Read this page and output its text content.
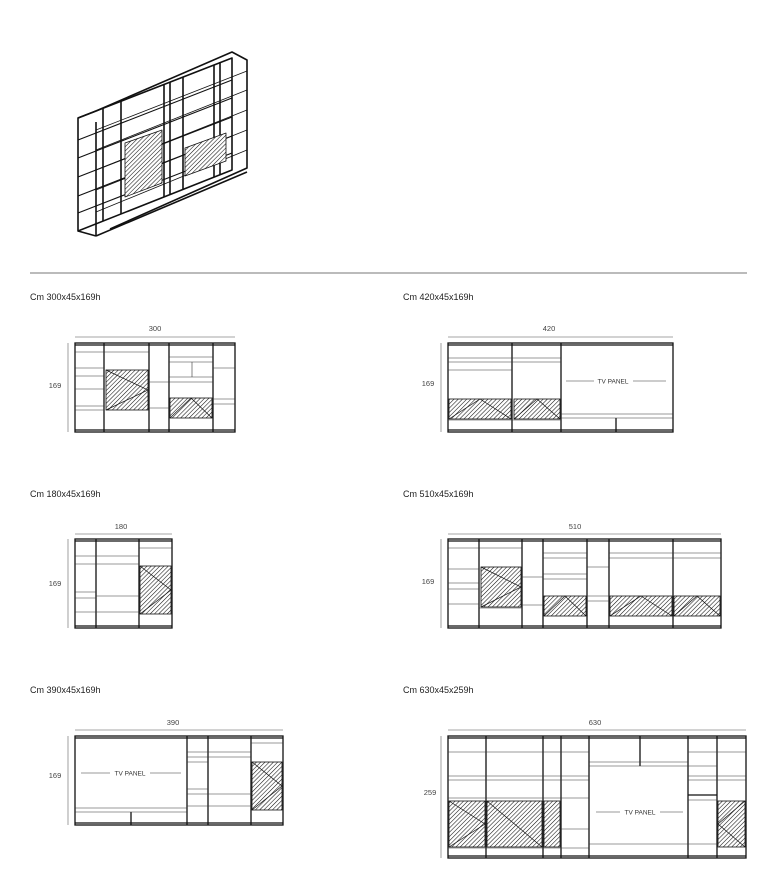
Cm 300x45x169h
300
169
Cm 420x45x169h
420
169	TV PANEL
Cm 180x45x169h
180
169
Cm 510x45x169h
510
169
Cm 390x45x169h
390
169	TV PANEL
Cm 630x45x259h
630
259
TV PANEL
